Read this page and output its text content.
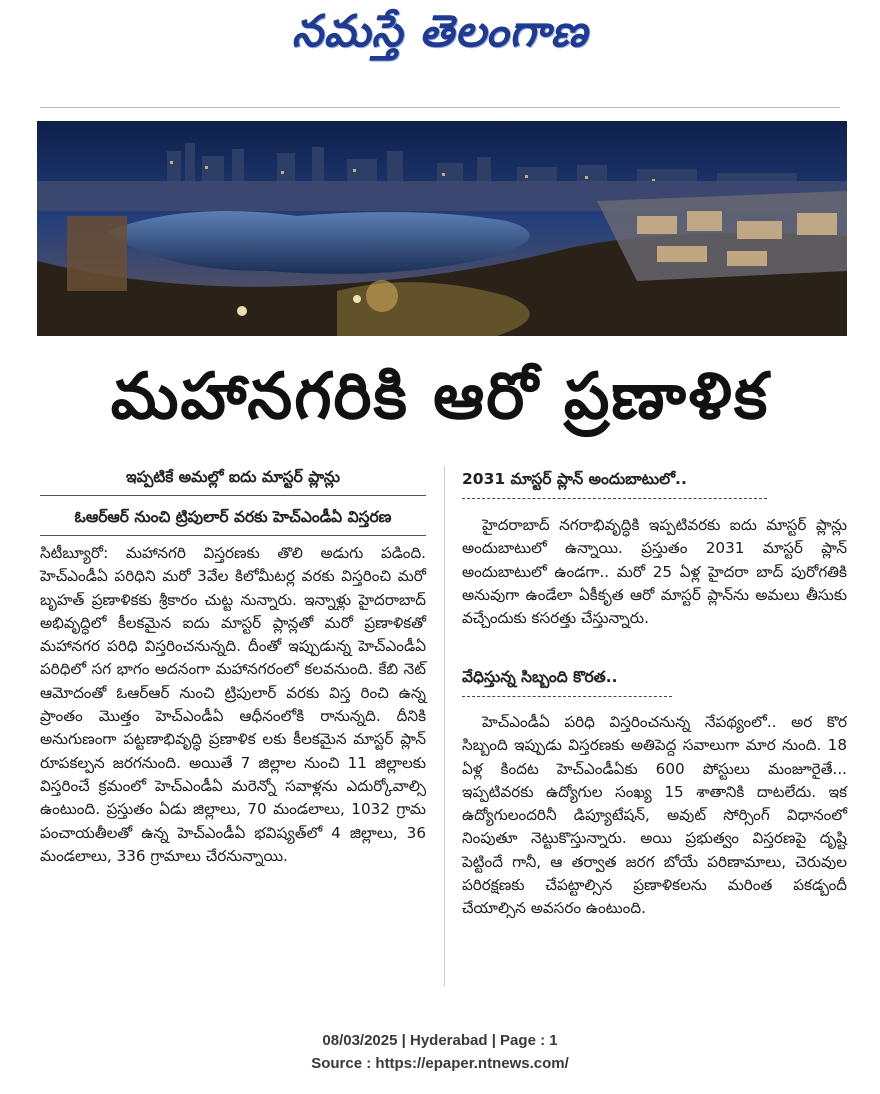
నమస్తే తెలంగాణ
మహానగరికి ఆరో ప్రణాళిక
ఇప్పటికే అమల్లో ఐదు మాస్టర్ ప్లాన్లు
ఓఆర్ఆర్ నుంచి ట్రిపులార్ వరకు హెచ్ఎండీఏ విస్తరణ
సిటీబ్యూరో: మహానగరి విస్తరణకు తొలి అడుగు పడింది. హెచ్ఎండీఏ పరిధిని మరో 3వేల కిలోమీటర్ల వరకు విస్తరించి మరో బృహత్ ప్రణాళికకు శ్రీకారం చుట్ట నున్నారు. ఇన్నాళ్లు హైదరాబాద్ అభివృద్ధిలో కీలకమైన ఐదు మాస్టర్ ప్లాన్లతో మరో ప్రణాళికతో మహానగర పరిధి విస్తరించనున్నది. దీంతో ఇప్పుడున్న హెచ్ఎండీఏ పరిధిలో సగ భాగం అదనంగా మహానగరంలో కలవనుంది. కేబి నెట్ ఆమోదంతో ఓఆర్ఆర్ నుంచి ట్రిపులార్ వరకు విస్త రించి ఉన్న ప్రాంతం మొత్తం హెచ్ఎండీఏ ఆధీనంలోకి రానున్నది. దీనికి అనుగుణంగా పట్టణాభివృద్ధి ప్రణాళిక లకు కీలకమైన మాస్టర్ ప్లాన్ రూపకల్పన జరగనుంది. అయితే 7 జిల్లాల నుంచి 11 జిల్లాలకు విస్తరించే క్రమంలో హెచ్ఎండీఏ మరెన్నో సవాళ్లను ఎదుర్కోవాల్సి ఉంటుంది. ప్రస్తుతం ఏడు జిల్లాలు, 70 మండలాలు, 1032 గ్రామ పంచాయతీలతో ఉన్న హెచ్ఎండీఏ భవిష్యత్‌లో 4 జిల్లాలు, 36 మండలాలు, 336 గ్రామాలు చేరనున్నాయి.
2031 మాస్టర్ ప్లాన్ అందుబాటులో..
హైదరాబాద్ నగరాభివృద్ధికి ఇప్పటివరకు ఐదు మాస్టర్ ప్లాన్లు అందుబాటులో ఉన్నాయి. ప్రస్తుతం 2031 మాస్టర్ ప్లాన్ అందుబాటులో ఉండగా.. మరో 25 ఏళ్ల హైదరా బాద్ పురోగతికి అనువుగా ఉండేలా ఏకీకృత ఆరో మాస్టర్ ప్లాన్‌ను అమలు తీసుకు వచ్చేందుకు కసరత్తు చేస్తున్నారు.
వేధిస్తున్న సిబ్బంది కొరత..
హెచ్ఎండీఏ పరిధి విస్తరించనున్న నేపథ్యంలో.. అర కొర సిబ్బంది ఇప్పుడు విస్తరణకు అతిపెద్ద సవాలుగా మార నుంది. 18 ఏళ్ల కిందట హెచ్ఎండీఏకు 600 పోస్టులు మంజూరైతే... ఇప్పటివరకు ఉద్యోగుల సంఖ్య 15 శాతానికి దాటలేదు. ఇక ఉద్యోగులందరినీ డిప్యూటేషన్, అవుట్ సోర్సింగ్ విధానంలో నింపుతూ నెట్టుకొస్తున్నారు. అయి ప్రభుత్వం విస్తరణపై దృష్టి పెట్టిందే గానీ, ఆ తర్వాత జరగ బోయే పరిణామాలు, చెరువుల పరిరక్షణకు చేపట్టాల్సిన ప్రణాళికలను మరింత పకడ్బందీ చేయాల్సిన అవసరం ఉంటుంది.
08/03/2025 | Hyderabad | Page : 1
Source : https://epaper.ntnews.com/
